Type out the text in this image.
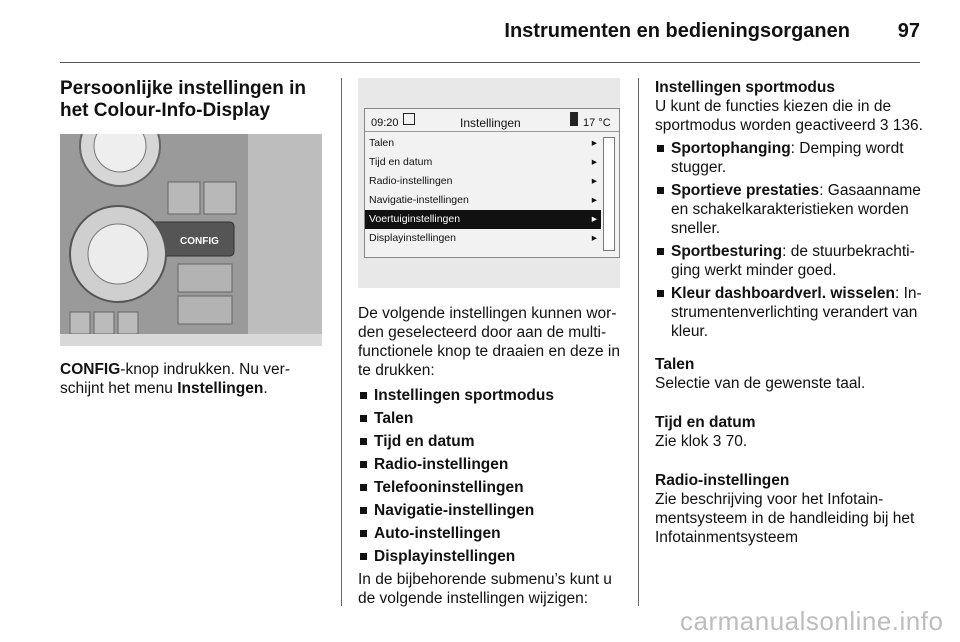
Instrumenten en bedieningsorganen 97
Persoonlijke instellingen in het Colour-Info-Display
CONFIG

CONFIG-knop indrukken. Nu ver-schijnt het menu Instellingen.

09:20	Instellingen	17 °C
Talen	▸
Tijd en datum	▸
Radio-instellingen	▸
Navigatie-instellingen	▸
Voertuiginstellingen	▸
Displayinstellingen	▸

De volgende instellingen kunnen wor-den geselecteerd door aan de multi-functionele knop te draaien en deze in te drukken:

Instellingen sportmodus
Talen
Tijd en datum
Radio-instellingen
Telefooninstellingen
Navigatie-instellingen
Auto-instellingen
Displayinstellingen

In de bijbehorende submenu’s kunt u de volgende instellingen wijzigen:

Instellingen sportmodus

U kunt de functies kiezen die in de sportmodus worden geactiveerd 3 136.

Sportophanging: Demping wordt stugger.
Sportieve prestaties: Gasaanname en schakelkarakteristieken worden sneller.
Sportbesturing: de stuurbekrachti-ging werkt minder goed.
Kleur dashboardverl. wisselen: In-strumentenverlichting verandert van kleur.
Talen

Selectie van de gewenste taal.

Tijd en datum

Zie klok 3 70.

Radio-instellingen

Zie beschrijving voor het Infotain-mentsysteem in de handleiding bij het Infotainmentsysteem

carmanualsonline.info
